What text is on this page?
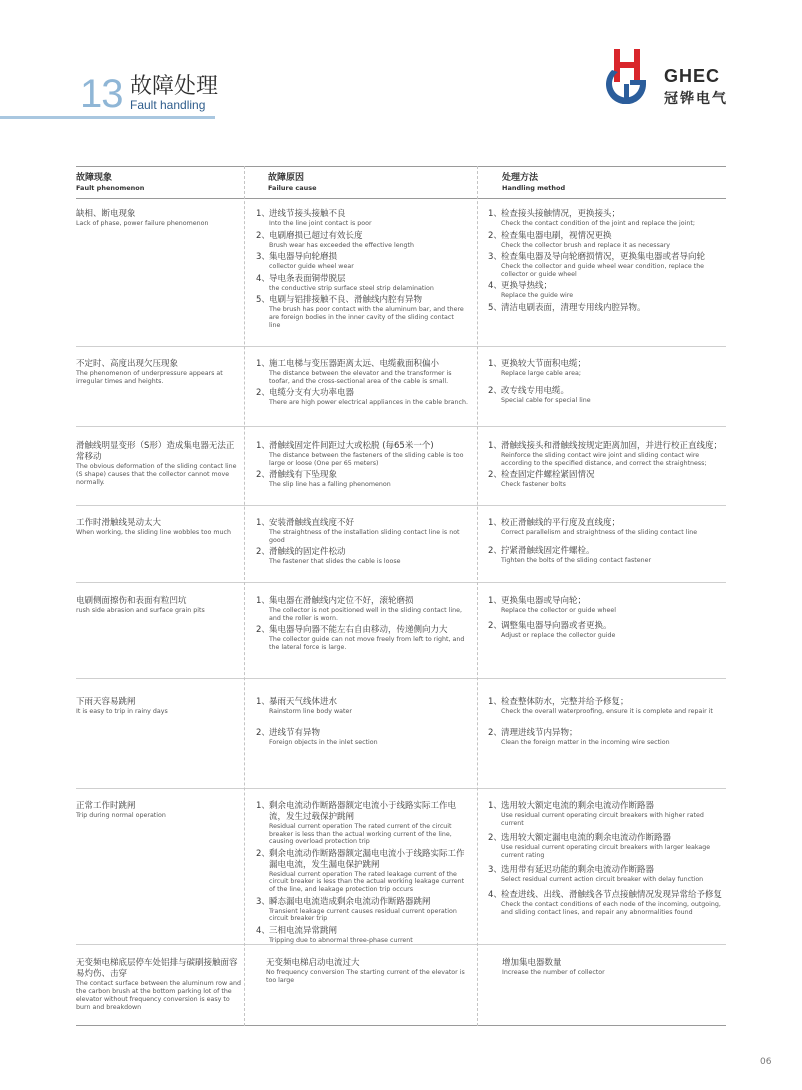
13 故障处理
Fault handling
GHEC
冠铧电气
故障现象
Fault phenomenon
故障原因
Failure cause
处理方法
Handling method
缺相、断电现象
Lack of phase, power failure phenomenon
1、 进线节接头接触不良
Into the line joint contact is poor
2、 电刷磨损已超过有效长度
Brush wear has exceeded the effective length
3、 集电器导向轮磨损
collector guide wheel wear
4、 导电条表面铜带脱层
the conductive strip surface steel strip delamination
5、 电刷与铝排接触不良、滑触线内腔有异物
The brush has poor contact with the aluminum bar, and there are foreign bodies in the inner cavity of the sliding contact line
1、 检查接头接触情况，更换接头；
Check the contact condition of the joint and replace the joint;
2、 检查集电器电刷，视情况更换
Check the collector brush and replace it as necessary
3、 检查集电器及导向轮磨损情况，更换集电器或者导向轮
Check the collector and guide wheel wear condition, replace the collector or guide wheel
4、 更换导热线；
Replace the guide wire
5、 清洁电刷表面，清理专用线内腔异物。
不定时、高度出现欠压现象
The phenomenon of underpressure appears at irregular times and heights.
1、 施工电梯与变压器距离太远、电缆截面积偏小
The distance between the elevator and the transformer is toofar, and the cross-sectional area of the cable is small.
2、 电缆分支有大功率电器
There are high power electrical appliances in the cable branch.
1、 更换较大节面积电缆；
Replace large cable area;
2、 改专线专用电缆。
Special cable for special line
滑触线明显变形（S形）造成集电器无法正常移动
The obvious deformation of the sliding contact line (S shape) causes that the collector cannot move normally.
1、 滑触线固定件间距过大或松脱 (每65米一个)
The distance between the fasteners of the sliding cable is too large or loose (One per 65 meters)
2、 滑触线有下坠现象
The slip line has a falling phenomenon
1、 滑触线接头和滑触线按规定距离加固，并进行校正直线度；
Reinforce the sliding contact wire joint and sliding contact wire according to the specified distance, and correct the straightness;
2、 检查固定件螺栓紧固情况
Check fastener bolts
工作时滑触线晃动太大
When working, the sliding line wobbles too much
1、 安装滑触线直线度不好
The straightness of the installation sliding contact line is not good
2、 滑触线的固定件松动
The fastener that slides the cable is loose
1、 校正滑触线的平行度及直线度；
Correct parallelism and straightness of the sliding contact line
2、 拧紧滑触线固定件螺栓。
Tighten the bolts of the sliding contact fastener
电刷侧面擦伤和表面有粒凹坑
rush side abrasion and surface grain pits
1、 集电器在滑触线内定位不好，滚轮磨损
The collector is not positioned well in the sliding contact line, and the roller is worn.
2、 集电器导向器不能左右自由移动，传递侧向力大
The collector guide can not move freely from left to right, and the lateral force is large.
1、 更换集电器或导向轮；
Replace the collector or guide wheel
2、 调整集电器导向器或者更换。
Adjust or replace the collector guide
下雨天容易跳闸
It is easy to trip in rainy days
1、 暴雨天气线体进水
Rainstorm line body water
2、 进线节有异物
Foreign objects in the inlet section
1、 检查整体防水，完整并给予修复；
Check the overall waterproofing, ensure it is complete and repair it
2、 清理进线节内异物；
Clean the foreign matter in the incoming wire section
正常工作时跳闸
Trip during normal operation
1、 剩余电流动作断路器额定电流小于线路实际工作电流，发生过载保护跳闸
Residual current operation The rated current of the circuit breaker is less than the actual working current of the line, causing overload protection trip
2、 剩余电流动作断路器额定漏电电流小于线路实际工作漏电电流，发生漏电保护跳闸
Residual current operation The rated leakage current of the circuit breaker is less than the actual working leakage current of the line, and leakage protection trip occurs
3、 瞬态漏电电流造成剩余电流动作断路器跳闸
Transient leakage current causes residual current operation circuit breaker trip
4、 三相电流异常跳闸
Tripping due to abnormal three-phase current
1、 选用较大额定电流的剩余电流动作断路器
Use residual current operating circuit breakers with higher rated current
2、 选用较大额定漏电电流的剩余电流动作断路器
Use residual current operating circuit breakers with larger leakage current rating
3、 选用带有延迟功能的剩余电流动作断路器
Select residual current action circuit breaker with delay function
4、 检查进线、出线、滑触线各节点接触情况发现异常给予修复
Check the contact conditions of each node of the incoming, outgoing, and sliding contact lines, and repair any abnormalities found
无变频电梯底层停车处铝排与碳刷接触面容易灼伤、击穿
The contact surface between the aluminum row and the carbon brush at the bottom parking lot of the elevator without frequency conversion is easy to burn and breakdown
无变频电梯启动电流过大
No frequency conversion The starting current of the elevator is too large
增加集电器数量
Increase the number of collector
06
